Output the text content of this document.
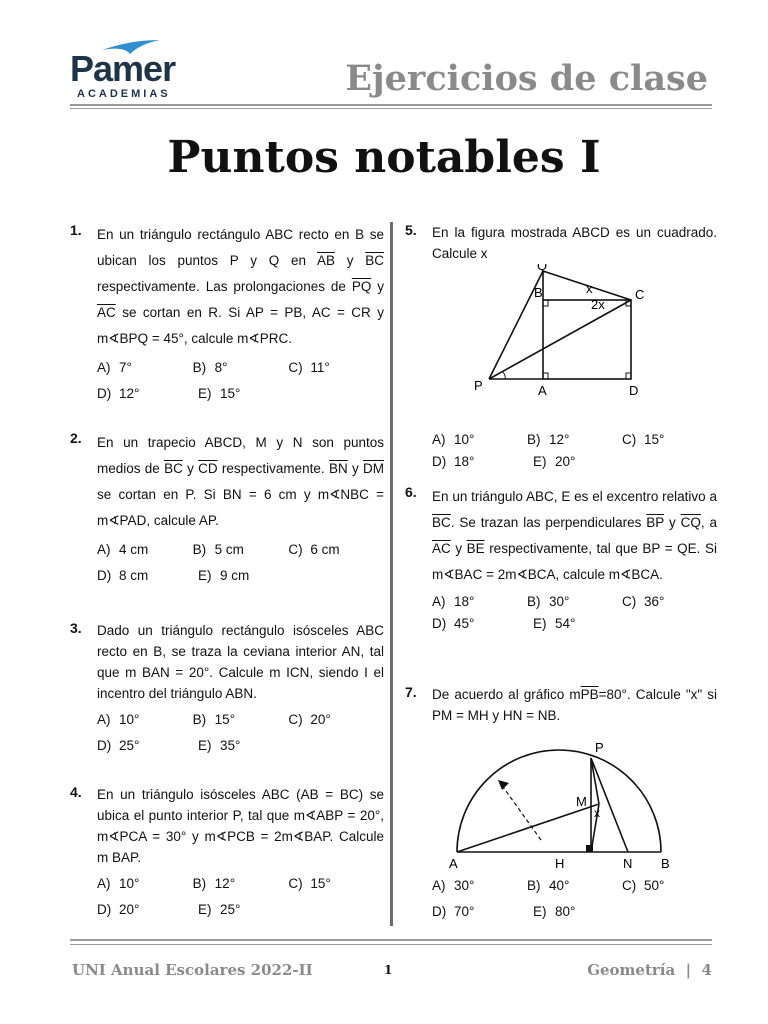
Pamer
ACADEMIAS	Ejercicios de clase
Puntos notables I
1. En un triángulo rectángulo ABC recto en B se ubican los puntos P y Q en $\overline{AB}$ y $\overline{BC}$ respectivamente. Las prolongaciones de $\overline{PQ}$ y $\overline{AC}$ se cortan en R. Si AP = PB, AC = CR y m∢BPQ = 45°, calcule m∢PRC.
A) 7°	B) 8°	C) 11°
D) 12°	E) 15°
2. En un trapecio ABCD, M y N son puntos medios de $\overline{BC}$ y $\overline{CD}$ respectivamente. $\overline{BN}$ y $\overline{DM}$ se cortan en P. Si BN = 6 cm y m∢NBC = m∢PAD, calcule AP.
A) 4 cm	B) 5 cm	C) 6 cm
D) 8 cm	E) 9 cm
3. Dado un triángulo rectángulo isósceles ABC recto en B, se traza la ceviana interior AN, tal que m BAN = 20°. Calcule m ICN, siendo I el incentro del triángulo ABN.
A) 10°	B) 15°	C) 20°
D) 25°	E) 35°
4. En un triángulo isósceles ABC (AB = BC) se ubica el punto interior P, tal que m∢ABP = 20°, m∢PCA = 30° y m∢PCB = 2m∢BAP. Calcule m BAP.
A) 10°	B) 12°	C) 15°
D) 20°	E) 25°
5. En la figura mostrada ABCD es un cuadrado. Calcule x
Q
B	C
P	A	D
x
2x
A) 10°	B) 12°	C) 15°
D) 18°	E) 20°
6. En un triángulo ABC, E es el excentro relativo a $\overline{BC}$. Se trazan las perpendiculares $\overline{BP}$ y $\overline{CQ}$, a $\overline{AC}$ y $\overline{BE}$ respectivamente, tal que BP = QE. Si m∢BAC = 2m∢BCA, calcule m∢BCA.
A) 18°	B) 30°	C) 36°
D) 45°	E) 54°
7. De acuerdo al gráfico $m\overline{PB}=80^\circ$. Calcule "x" si PM = MH y HN = NB.
P
M
x
A	H	N B
A) 30°	B) 40°	C) 50°
D) 70°	E) 80°
UNI Anual Escolares 2022-II	1	Geometría  |  4
